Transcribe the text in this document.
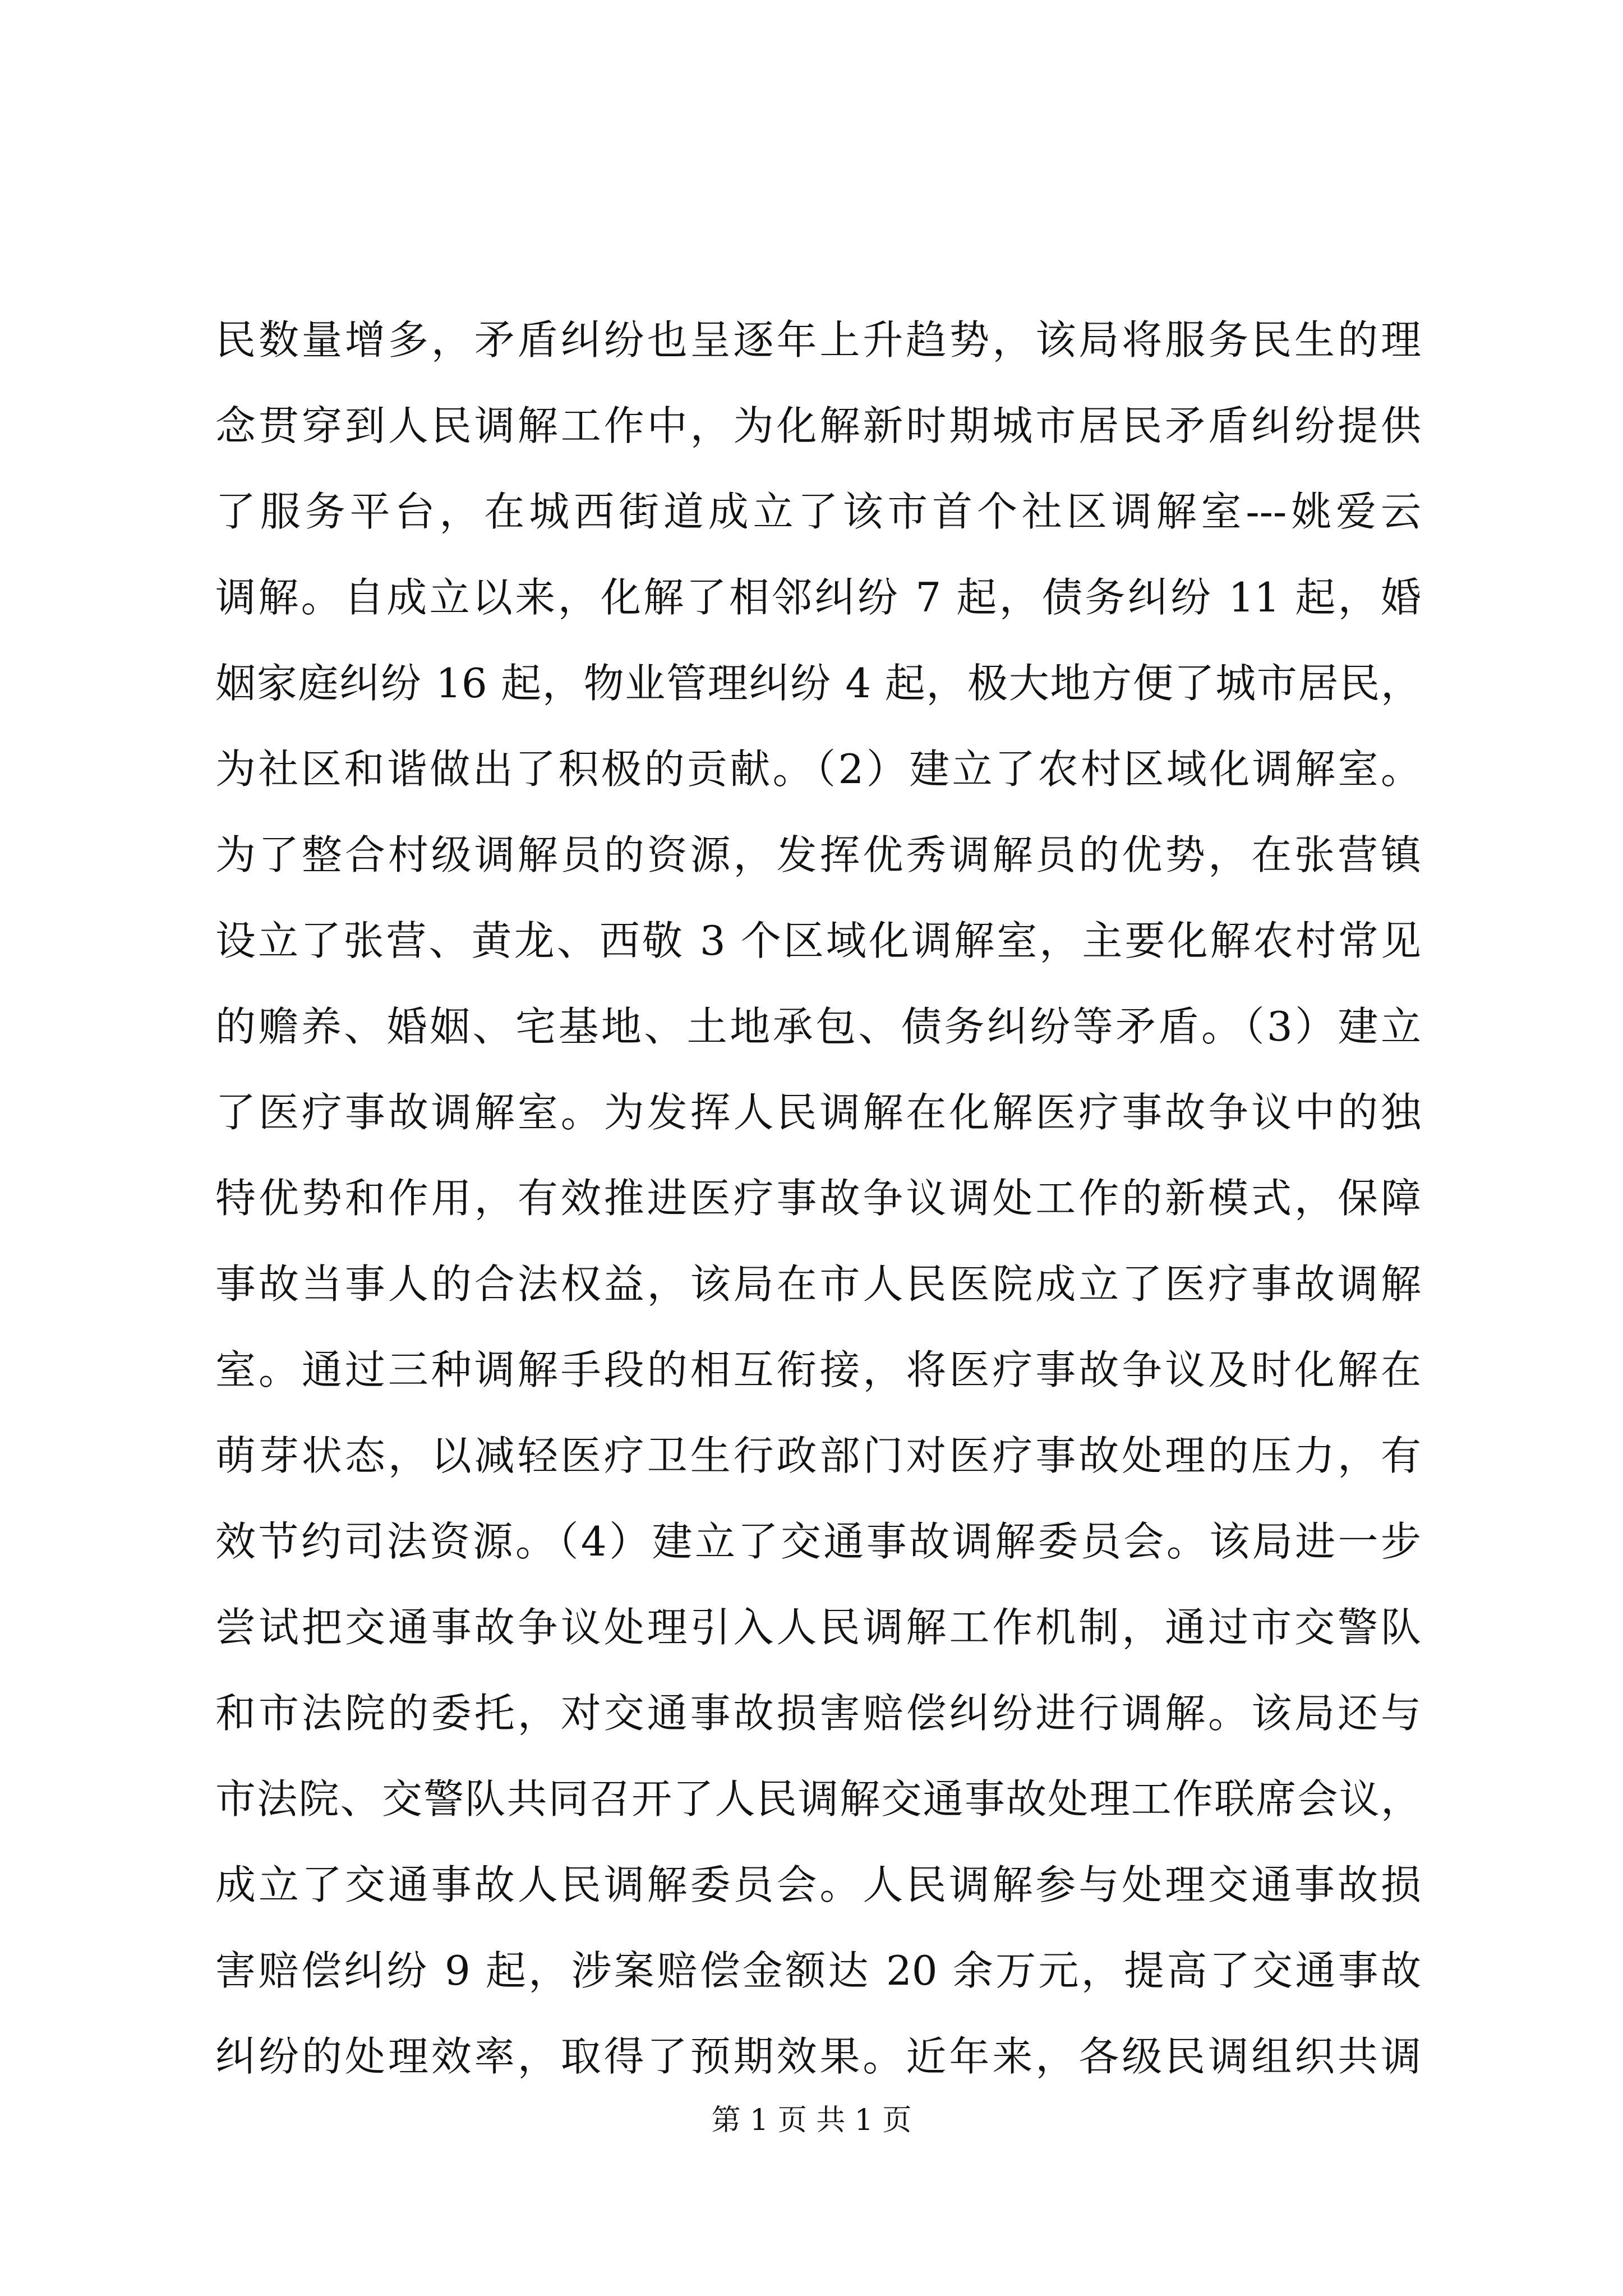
民数量增多，矛盾纠纷也呈逐年上升趋势，该局将服务民生的理
念贯穿到人民调解工作中，为化解新时期城市居民矛盾纠纷提供
了服务平台，在城西街道成立了该市首个社区调解室---姚爱云
调解。自成立以来，化解了相邻纠纷 7 起，债务纠纷 11 起，婚
姻家庭纠纷 16 起，物业管理纠纷 4 起，极大地方便了城市居民，
为社区和谐做出了积极的贡献。（2）建立了农村区域化调解室。
为了整合村级调解员的资源，发挥优秀调解员的优势，在张营镇
设立了张营、黄龙、西敬 3 个区域化调解室，主要化解农村常见
的赡养、婚姻、宅基地、土地承包、债务纠纷等矛盾。（3）建立
了医疗事故调解室。为发挥人民调解在化解医疗事故争议中的独
特优势和作用，有效推进医疗事故争议调处工作的新模式，保障
事故当事人的合法权益，该局在市人民医院成立了医疗事故调解
室。通过三种调解手段的相互衔接，将医疗事故争议及时化解在
萌芽状态，以减轻医疗卫生行政部门对医疗事故处理的压力，有
效节约司法资源。（4）建立了交通事故调解委员会。该局进一步
尝试把交通事故争议处理引入人民调解工作机制，通过市交警队
和市法院的委托，对交通事故损害赔偿纠纷进行调解。该局还与
市法院、交警队共同召开了人民调解交通事故处理工作联席会议，
成立了交通事故人民调解委员会。人民调解参与处理交通事故损
害赔偿纠纷 9 起，涉案赔偿金额达 20 余万元，提高了交通事故
纠纷的处理效率，取得了预期效果。近年来，各级民调组织共调
第 1 页 共 1 页
